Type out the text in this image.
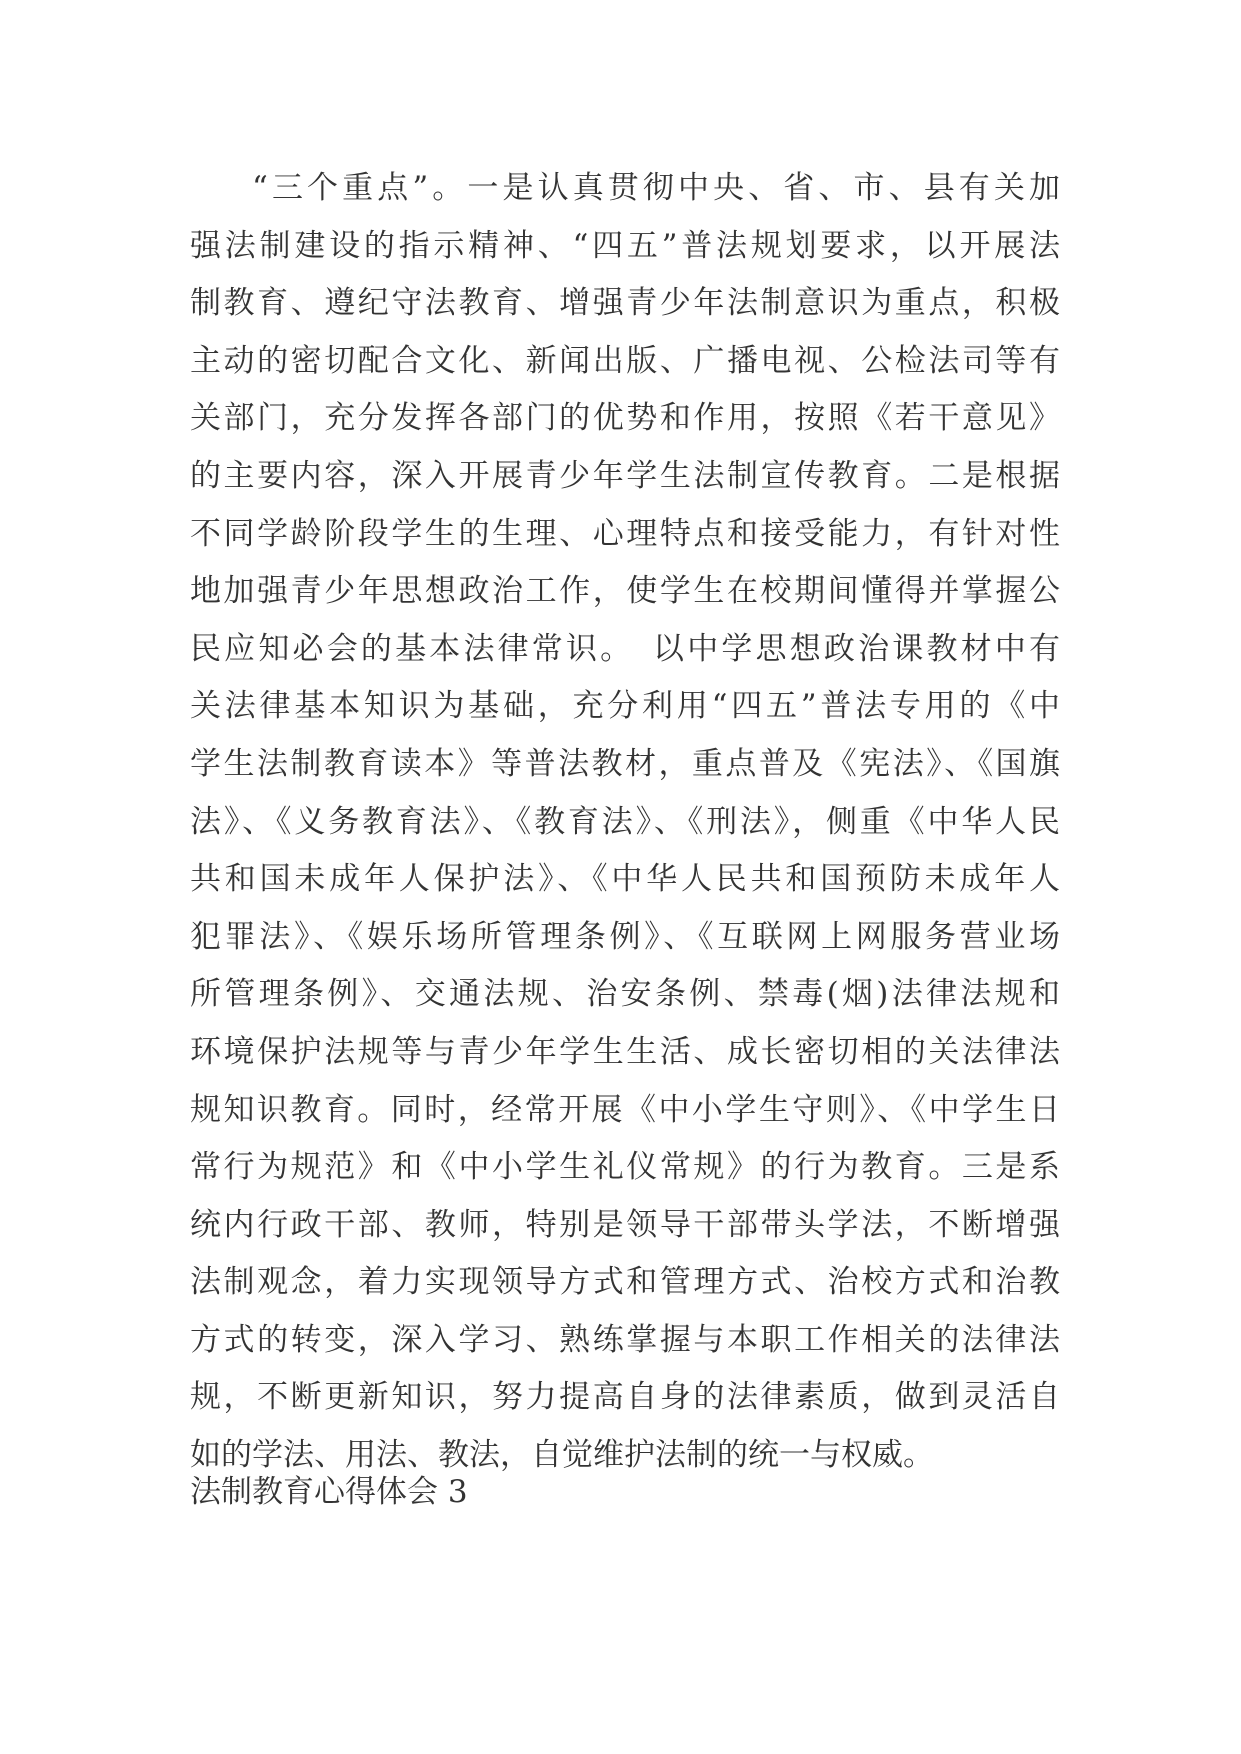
“三个重点”。一是认真贯彻中央、省、市、县有关加
强法制建设的指示精神、“四五”普法规划要求，以开展法
制教育、遵纪守法教育、增强青少年法制意识为重点，积极
主动的密切配合文化、新闻出版、广播电视、公检法司等有
关部门，充分发挥各部门的优势和作用，按照《若干意见》
的主要内容，深入开展青少年学生法制宣传教育。二是根据
不同学龄阶段学生的生理、心理特点和接受能力，有针对性
地加强青少年思想政治工作，使学生在校期间懂得并掌握公
民应知必会的基本法律常识。　以中学思想政治课教材中有
关法律基本知识为基础，充分利用“四五”普法专用的《中
学生法制教育读本》等普法教材，重点普及《宪法》、《国旗
法》、《义务教育法》、《教育法》、《刑法》，侧重《中华人民
共和国未成年人保护法》、《中华人民共和国预防未成年人
犯罪法》、《娱乐场所管理条例》、《互联网上网服务营业场
所管理条例》、交通法规、治安条例、禁毒(烟)法律法规和
环境保护法规等与青少年学生生活、成长密切相的关法律法
规知识教育。同时，经常开展《中小学生守则》、《中学生日
常行为规范》和《中小学生礼仪常规》的行为教育。三是系
统内行政干部、教师，特别是领导干部带头学法，不断增强
法制观念，着力实现领导方式和管理方式、治校方式和治教
方式的转变，深入学习、熟练掌握与本职工作相关的法律法
规，不断更新知识，努力提高自身的法律素质，做到灵活自
如的学法、用法、教法，自觉维护法制的统一与权威。
法制教育心得体会 3
